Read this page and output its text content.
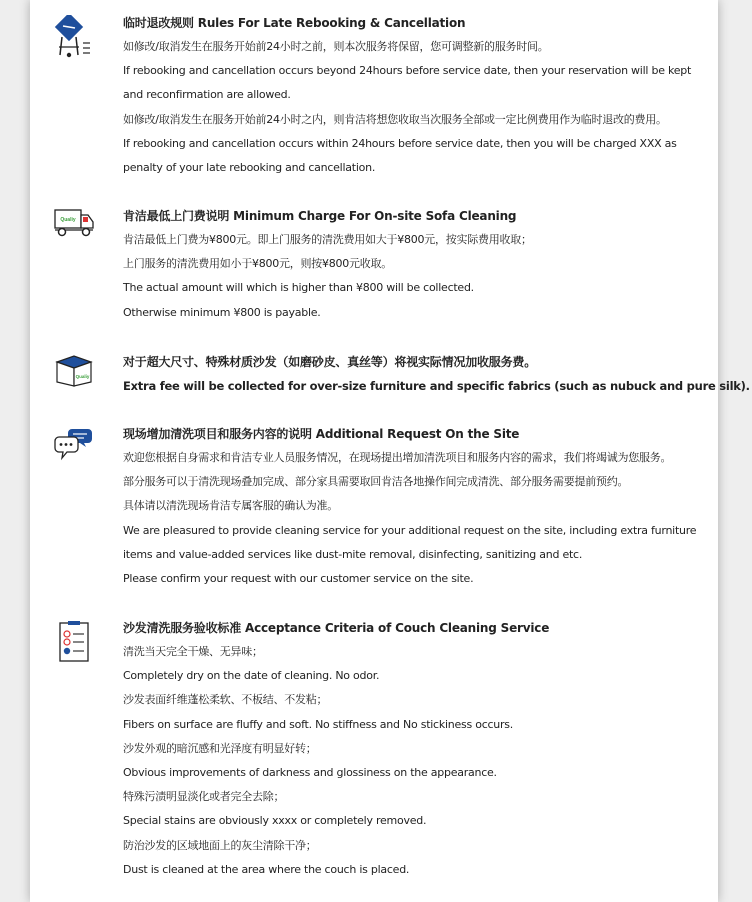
临时退改规则 Rules For Late Rebooking & Cancellation
如修改/取消发生在服务开始前24小时之前，则本次服务将保留，您可调整新的服务时间。
If rebooking and cancellation occurs beyond 24hours before service date, then your reservation will be kept
and reconfirmation are allowed.
如修改/取消发生在服务开始前24小时之内，则肯洁将想您收取当次服务全部或一定比例费用作为临时退改的费用。
If rebooking and cancellation occurs within 24hours before service date, then you will be charged XXX as
penalty of your late rebooking and cancellation.
Qualiy	肯洁最低上门费说明 Minimum Charge For On-site Sofa Cleaning
肯洁最低上门费为¥800元。即上门服务的清洗费用如大于¥800元，按实际费用收取；
上门服务的清洗费用如小于¥800元，则按¥800元收取。
The actual amount will which is higher than ¥800 will be collected.
Otherwise minimum ¥800 is payable.
Qualiy
对于超大尺寸、特殊材质沙发（如磨砂皮、真丝等）将视实际情况加收服务费。
Extra fee will be collected for over-size furniture and specific fabrics (such as nubuck and pure silk).
现场增加清洗项目和服务内容的说明 Additional Request On the Site
欢迎您根据自身需求和肯洁专业人员服务情况，在现场提出增加清洗项目和服务内容的需求，我们将竭诚为您服务。
部分服务可以于清洗现场叠加完成、部分家具需要取回肯洁各地操作间完成清洗、部分服务需要提前预约。
具体请以清洗现场肯洁专属客服的确认为准。
We are pleasured to provide cleaning service for your additional request on the site, including extra furniture
items and value-added services like dust-mite removal, disinfecting, sanitizing and etc.
Please confirm your request with our customer service on the site.
沙发清洗服务验收标准 Acceptance Criteria of Couch Cleaning Service
清洗当天完全干燥、无异味；
Completely dry on the date of cleaning. No odor.
沙发表面纤维蓬松柔软、不板结、不发粘；
Fibers on surface are fluffy and soft. No stiffness and No stickiness occurs.
沙发外观的暗沉感和光泽度有明显好转；
Obvious improvements of darkness and glossiness on the appearance.
特殊污渍明显淡化或者完全去除；
Special stains are obviously xxxx or completely removed.
防治沙发的区域地面上的灰尘清除干净；
Dust is cleaned at the area where the couch is placed.
